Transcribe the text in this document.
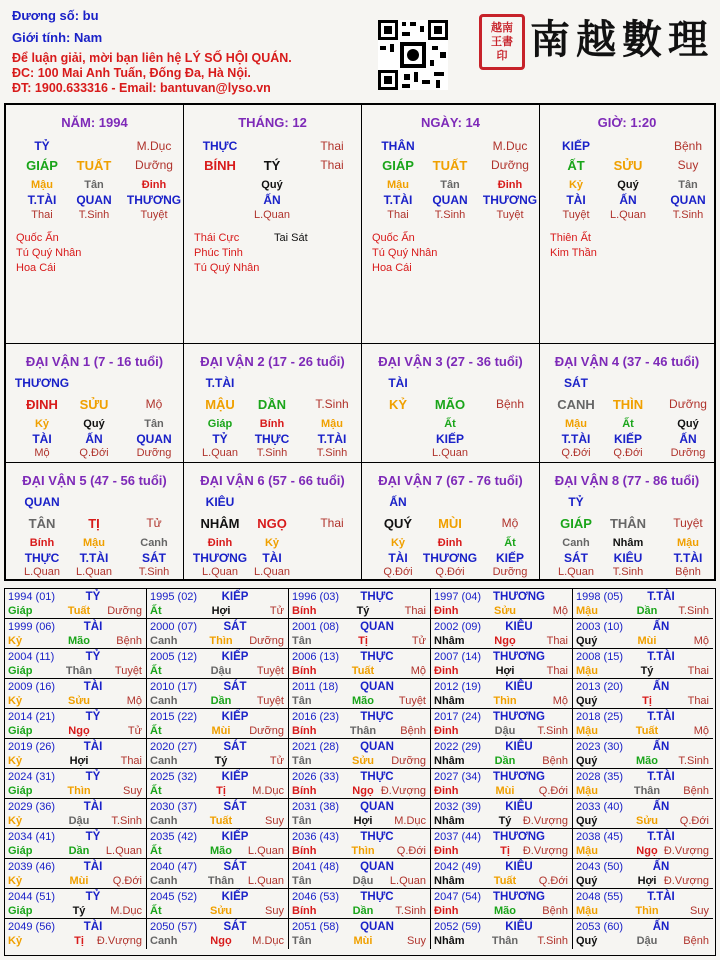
Đương số: bu
Giới tính: Nam
Để luận giải, mời bạn liên hệ LÝ SỐ HỘI QUÁN.
ĐC: 100 Mai Anh Tuấn, Đống Đa, Hà Nội.
ĐT: 1900.633316 - Email: bantuvan@lyso.vn
越南
王書
印 南越數理
NĂM: 1994
TỶ	M.Dục
GIÁP	TUẤT	Dưỡng
Mậu	Tân	Đinh
T.TÀI	QUAN	THƯƠNG
Thai	T.Sinh	Tuyệt
Quốc Ấn
Tú Quý Nhân
Hoa Cái
THÁNG: 12
THỰC	Thai
BÍNH	TÝ	Thai
Quý
ẤN
L.Quan
Thái Cực
Phúc Tinh
Tú Quý Nhân
Tai Sát
NGÀY: 14
THÂN	M.Dục
GIÁP	TUẤT	Dưỡng
Mậu	Tân	Đinh
T.TÀI	QUAN	THƯƠNG
Thai	T.Sinh	Tuyệt
Quốc Ấn
Tú Quý Nhân
Hoa Cái
GIỜ: 1:20
KIẾP	Bệnh
ẤT	SỬU	Suy
Kỷ	Quý	Tân
TÀI	ẤN	QUAN
Tuyệt	L.Quan	T.Sinh
Thiên Ất
Kim Thần
ĐẠI VẬN 1 (7 - 16 tuổi)
THƯƠNG
ĐINH	SỬU	Mộ
Kỷ	Quý	Tân
TÀI	ẤN	QUAN
Mộ	Q.Đới	Dưỡng
ĐẠI VẬN 2 (17 - 26 tuổi)
T.TÀI
MẬU	DẦN	T.Sinh
Giáp	Bính	Mậu
TỶ	THỰC	T.TÀI
L.Quan	T.Sinh	T.Sinh
ĐẠI VẬN 3 (27 - 36 tuổi)
TÀI
KỶ	MÃO	Bệnh
Ất
KIẾP
L.Quan
ĐẠI VẬN 4 (37 - 46 tuổi)
SÁT
CANH	THÌN	Dưỡng
Mậu	Ất	Quý
T.TÀI	KIẾP	ẤN
Q.Đới	Q.Đới	Dưỡng
ĐẠI VẬN 5 (47 - 56 tuổi)
QUAN
TÂN	TỊ	Tử
Bính	Mậu	Canh
THỰC	T.TÀI	SÁT
L.Quan	L.Quan	T.Sinh
ĐẠI VẬN 6 (57 - 66 tuổi)
KIÊU
NHÂM	NGỌ	Thai
Đinh	Kỷ
THƯƠNG	TÀI
L.Quan	L.Quan
ĐẠI VẬN 7 (67 - 76 tuổi)
ẤN
QUÝ	MÙI	Mộ
Kỷ	Đinh	Ất
TÀI	THƯƠNG	KIẾP
Q.Đới	Q.Đới	Dưỡng
ĐẠI VẬN 8 (77 - 86 tuổi)
TỶ
GIÁP	THÂN	Tuyệt
Canh	Nhâm	Mậu
SÁT	KIÊU	T.TÀI
L.Quan	T.Sinh	Bệnh
1994 (01)	TỶ
Giáp	Tuất	Dưỡng
1995 (02)	KIẾP
Ất	Hợi	Tử
1996 (03)	THỰC
Bính	Tý	Thai
1997 (04)	THƯƠNG
Đinh	Sửu	Mộ
1998 (05)	T.TÀI
Mậu	Dần	T.Sinh
1999 (06)	TÀI
Kỷ	Mão	Bệnh
2000 (07)	SÁT
Canh	Thìn	Dưỡng
2001 (08)	QUAN
Tân	Tị	Tử
2002 (09)	KIÊU
Nhâm	Ngọ	Thai
2003 (10)	ẤN
Quý	Mùi	Mộ
2004 (11)	TỶ
Giáp	Thân	Tuyệt
2005 (12)	KIẾP
Ất	Dậu	Tuyệt
2006 (13)	THỰC
Bính	Tuất	Mộ
2007 (14)	THƯƠNG
Đinh	Hợi	Thai
2008 (15)	T.TÀI
Mậu	Tý	Thai
2009 (16)	TÀI
Kỷ	Sửu	Mộ
2010 (17)	SÁT
Canh	Dần	Tuyệt
2011 (18)	QUAN
Tân	Mão	Tuyệt
2012 (19)	KIÊU
Nhâm	Thìn	Mộ
2013 (20)	ẤN
Quý	Tị	Thai
2014 (21)	TỶ
Giáp	Ngọ	Tử
2015 (22)	KIẾP
Ất	Mùi	Dưỡng
2016 (23)	THỰC
Bính	Thân	Bệnh
2017 (24)	THƯƠNG
Đinh	Dậu	T.Sinh
2018 (25)	T.TÀI
Mậu	Tuất	Mộ
2019 (26)	TÀI
Kỷ	Hợi	Thai
2020 (27)	SÁT
Canh	Tý	Tử
2021 (28)	QUAN
Tân	Sửu	Dưỡng
2022 (29)	KIÊU
Nhâm	Dần	Bệnh
2023 (30)	ẤN
Quý	Mão	T.Sinh
2024 (31)	TỶ
Giáp	Thìn	Suy
2025 (32)	KIẾP
Ất	Tị	M.Dục
2026 (33)	THỰC
Bính	Ngọ Đ.Vượng
2027 (34)	THƯƠNG
Đinh	Mùi	Q.Đới
2028 (35)	T.TÀI
Mậu	Thân	Bệnh
2029 (36)	TÀI
Kỷ	Dậu	T.Sinh
2030 (37)	SÁT
Canh	Tuất	Suy
2031 (38)	QUAN
Tân	Hợi	M.Dục
2032 (39)	KIÊU
Nhâm	Tý	Đ.Vượng
2033 (40)	ẤN
Quý	Sửu	Q.Đới
2034 (41)	TỶ
Giáp	Dần	L.Quan
2035 (42)	KIẾP
Ất	Mão	L.Quan
2036 (43)	THỰC
Bính	Thìn	Q.Đới
2037 (44)	THƯƠNG
Đinh	Tị	Đ.Vượng
2038 (45)	T.TÀI
Mậu	Ngọ Đ.Vượng
2039 (46)	TÀI
Kỷ	Mùi	Q.Đới
2040 (47)	SÁT
Canh	Thân	L.Quan
2041 (48)	QUAN
Tân	Dậu	L.Quan
2042 (49)	KIÊU
Nhâm	Tuất	Q.Đới
2043 (50)	ẤN
Quý	Hợi Đ.Vượng
2044 (51)	TỶ
Giáp	Tý	M.Dục
2045 (52)	KIẾP
Ất	Sửu	Suy
2046 (53)	THỰC
Bính	Dần	T.Sinh
2047 (54)	THƯƠNG
Đinh	Mão	Bệnh
2048 (55)	T.TÀI
Mậu	Thìn	Suy
2049 (56)	TÀI
Kỷ	Tị	Đ.Vượng
2050 (57)	SÁT
Canh	Ngọ	M.Dục
2051 (58)	QUAN
Tân	Mùi	Suy
2052 (59)	KIÊU
Nhâm	Thân	T.Sinh
2053 (60)	ẤN
Quý	Dậu	Bệnh
